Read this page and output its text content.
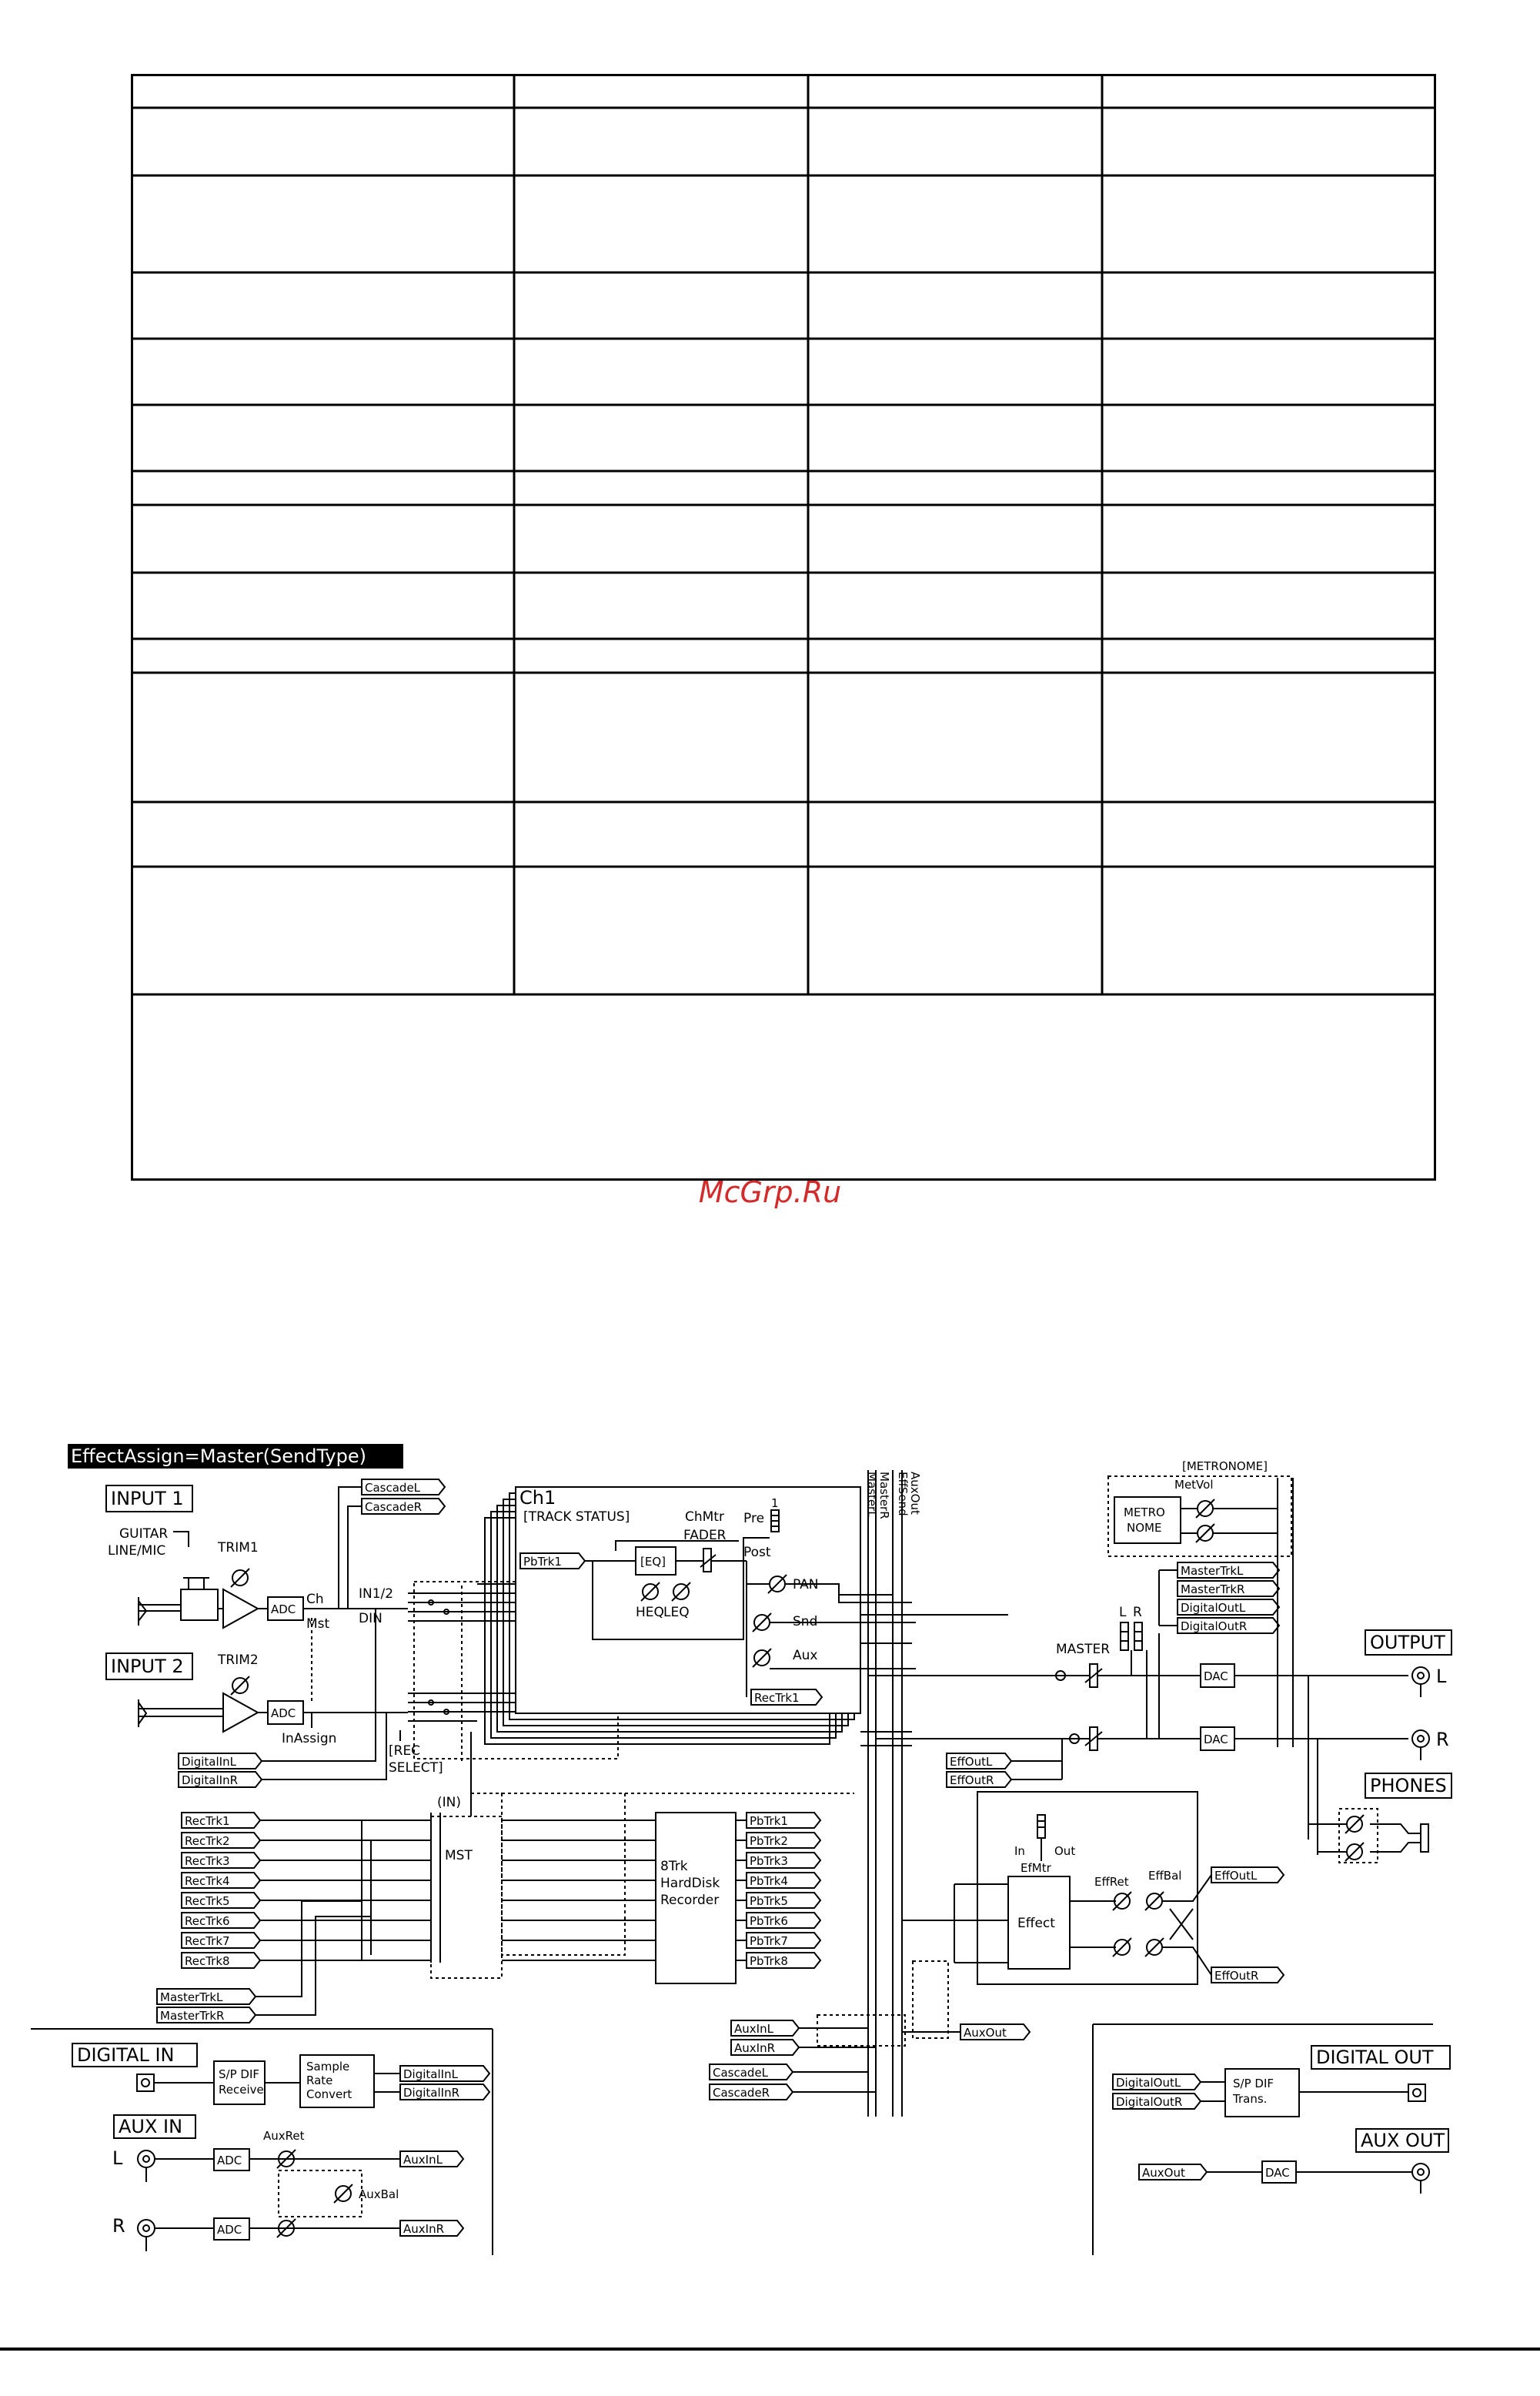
McGrp.Ru
EffectAssign=Master(SendType)
INPUT 1
GUITAR
LINE/MIC	TRIM1
ADC
Ch
Mst
IN1/2
DIN
CascadeL
CascadeR
INPUT 2	TRIM2
ADC
InAssign
DigitalInL
DigitalInR
[REC
SELECT]
Ch1
[TRACK STATUS]	ChMtr
1
Pre
Post
PbTrk1	[EQ]
FADER
HEQ LEQ
PAN
Snd
Aux
RecTrk1
MasterL
MasterR EffSend
AuxOut
RecTrk1
RecTrk2
RecTrk3
RecTrk4
RecTrk5
RecTrk6
RecTrk7
RecTrk8
(IN)
MST
8Trk
HardDisk
Recorder
PbTrk1
PbTrk2
PbTrk3
PbTrk4
PbTrk5
PbTrk6
PbTrk7
PbTrk8
MasterTrkL
MasterTrkR
DIGITAL IN
S/P DIF
Receive
Sample
Rate
Convert
DigitalInL
DigitalInR
AUX IN
L
R
ADC
ADC
AuxRet
AuxBal
AuxInL
AuxInR
AuxInL
AuxInR
CascadeL
CascadeR
AuxOut
In	Out
EfMtr
Effect
EffRet EffBal	EffOutL
EffOutR
EffOutL
EffOutR
[METRONOME]
MetVol
METRO
NOME
MasterTrkL
MasterTrkR
DigitalOutL
DigitalOutR
MASTER
L R
DAC
DAC
OUTPUT
L
R
PHONES
DIGITAL OUT
DigitalOutL
DigitalOutR
S/P DIF
Trans.
AUX OUT
AuxOut	DAC
